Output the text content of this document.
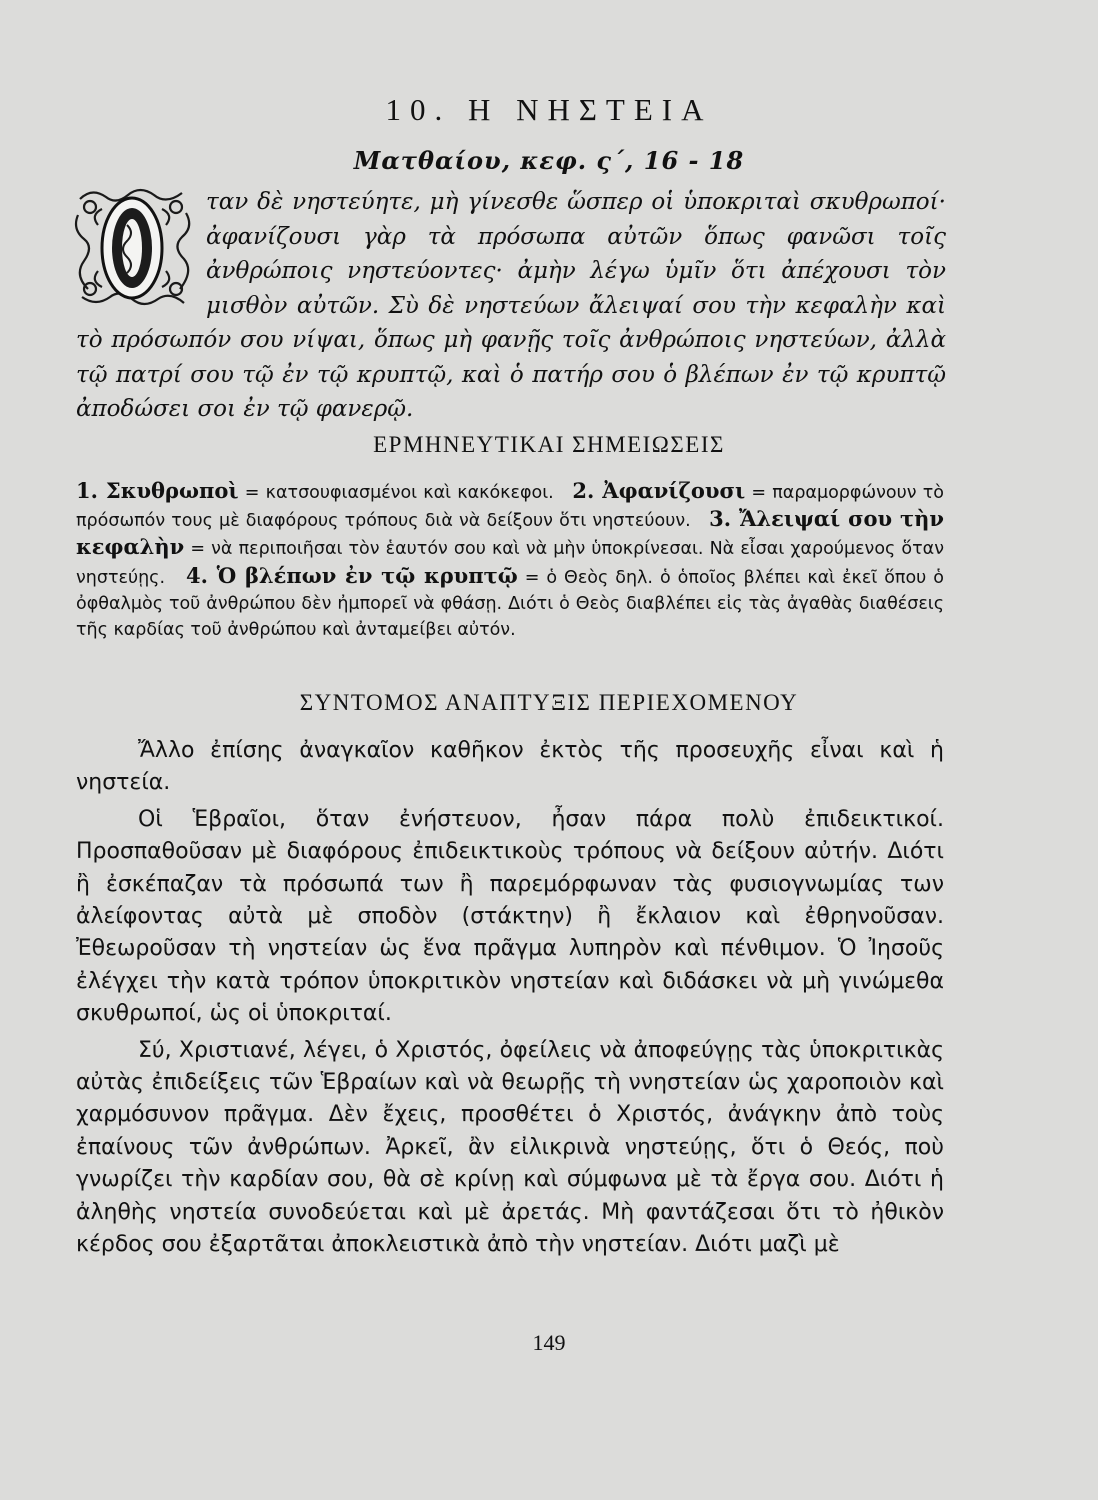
10. Η ΝΗΣΤΕΙΑ
Ματθαίου, κεφ. ς΄, 16 - 18
ταν δὲ νηστεύητε, μὴ γίνεσθε ὥσπερ οἱ ὑποκριταὶ σκυθρωποί· ἀφανίζουσι γὰρ τὰ πρόσωπα αὐτῶν ὅπως φανῶσι τοῖς ἀνθρώποις νηστεύοντες· ἀμὴν λέγω ὑμῖν ὅτι ἀπέχουσι τὸν μισθὸν αὐτῶν. Σὺ δὲ νηστεύων ἄλειψαί σου τὴν κεφαλὴν καὶ τὸ πρόσωπόν σου νίψαι, ὅπως μὴ φανῇς τοῖς ἀνθρώποις νηστεύων, ἀλλὰ τῷ πατρί σου τῷ ἐν τῷ κρυπτῷ, καὶ ὁ πατήρ σου ὁ βλέπων ἐν τῷ κρυπτῷ ἀποδώσει σοι ἐν τῷ φανερῷ.
ΕΡΜΗΝΕΥΤΙΚΑΙ ΣΗΜΕΙΩΣΕΙΣ
1. Σκυθρωποὶ = κατσουφιασμένοι καὶ κακόκεφοι. 2. Ἀφανίζουσι = παραμορφώνουν τὸ πρόσωπόν τους μὲ διαφόρους τρόπους διὰ νὰ δείξουν ὅτι νηστεύουν. 3. Ἄλειψαί σου τὴν κεφαλὴν = νὰ περιποιῆσαι τὸν ἑαυτόν σου καὶ νὰ μὴν ὑποκρίνεσαι. Νὰ εἶσαι χαρούμενος ὅταν νηστεύῃς. 4. Ὁ βλέπων ἐν τῷ κρυπτῷ = ὁ Θεὸς δηλ. ὁ ὁποῖος βλέπει καὶ ἐκεῖ ὅπου ὁ ὀφθαλμὸς τοῦ ἀνθρώπου δὲν ἠμπορεῖ νὰ φθάσῃ. Διότι ὁ Θεὸς διαβλέπει εἰς τὰς ἀγαθὰς διαθέσεις τῆς καρδίας τοῦ ἀνθρώπου καὶ ἀνταμείβει αὐτόν.
ΣΥΝΤΟΜΟΣ ΑΝΑΠΤΥΞΙΣ ΠΕΡΙΕΧΟΜΕΝΟΥ

Ἄλλο ἐπίσης ἀναγκαῖον καθῆκον ἐκτὸς τῆς προσευχῆς εἶναι καὶ ἡ νηστεία.

Οἱ Ἑβραῖοι, ὅταν ἐνήστευον, ἦσαν πάρα πολὺ ἐπιδεικτικοί. Προσπαθοῦσαν μὲ διαφόρους ἐπιδεικτικοὺς τρόπους νὰ δείξουν αὐτήν. Διότι ἢ ἐσκέπαζαν τὰ πρόσωπά των ἢ παρεμόρφωναν τὰς φυσιογνωμίας των ἀλείφοντας αὐτὰ μὲ σποδὸν (στάκτην) ἢ ἔκλαιον καὶ ἐθρηνοῦσαν. Ἐθεωροῦσαν τὴ νηστείαν ὡς ἕνα πρᾶγμα λυπηρὸν καὶ πένθιμον. Ὁ Ἰησοῦς ἐλέγχει τὴν κατὰ τρόπον ὑποκριτικὸν νηστείαν καὶ διδάσκει νὰ μὴ γινώμεθα σκυθρωποί, ὡς οἱ ὑποκριταί.

Σύ, Χριστιανέ, λέγει, ὁ Χριστός, ὀφείλεις νὰ ἀποφεύγῃς τὰς ὑποκριτικὰς αὐτὰς ἐπιδείξεις τῶν Ἑβραίων καὶ νὰ θεωρῇς τὴ ννηστείαν ὡς χαροποιὸν καὶ χαρμόσυνον πρᾶγμα. Δὲν ἔχεις, προσθέτει ὁ Χριστός, ἀνάγκην ἀπὸ τοὺς ἐπαίνους τῶν ἀνθρώπων. Ἀρκεῖ, ἂν εἰλικρινὰ νηστεύῃς, ὅτι ὁ Θεός, ποὺ γνωρίζει τὴν καρδίαν σου, θὰ σὲ κρίνῃ καὶ σύμφωνα μὲ τὰ ἔργα σου. Διότι ἡ ἀληθὴς νηστεία συνοδεύεται καὶ μὲ ἀρετάς. Μὴ φαντάζεσαι ὅτι τὸ ἠθικὸν κέρδος σου ἐξαρτᾶται ἀποκλειστικὰ ἀπὸ τὴν νηστείαν. Διότι μαζὶ μὲ

149
